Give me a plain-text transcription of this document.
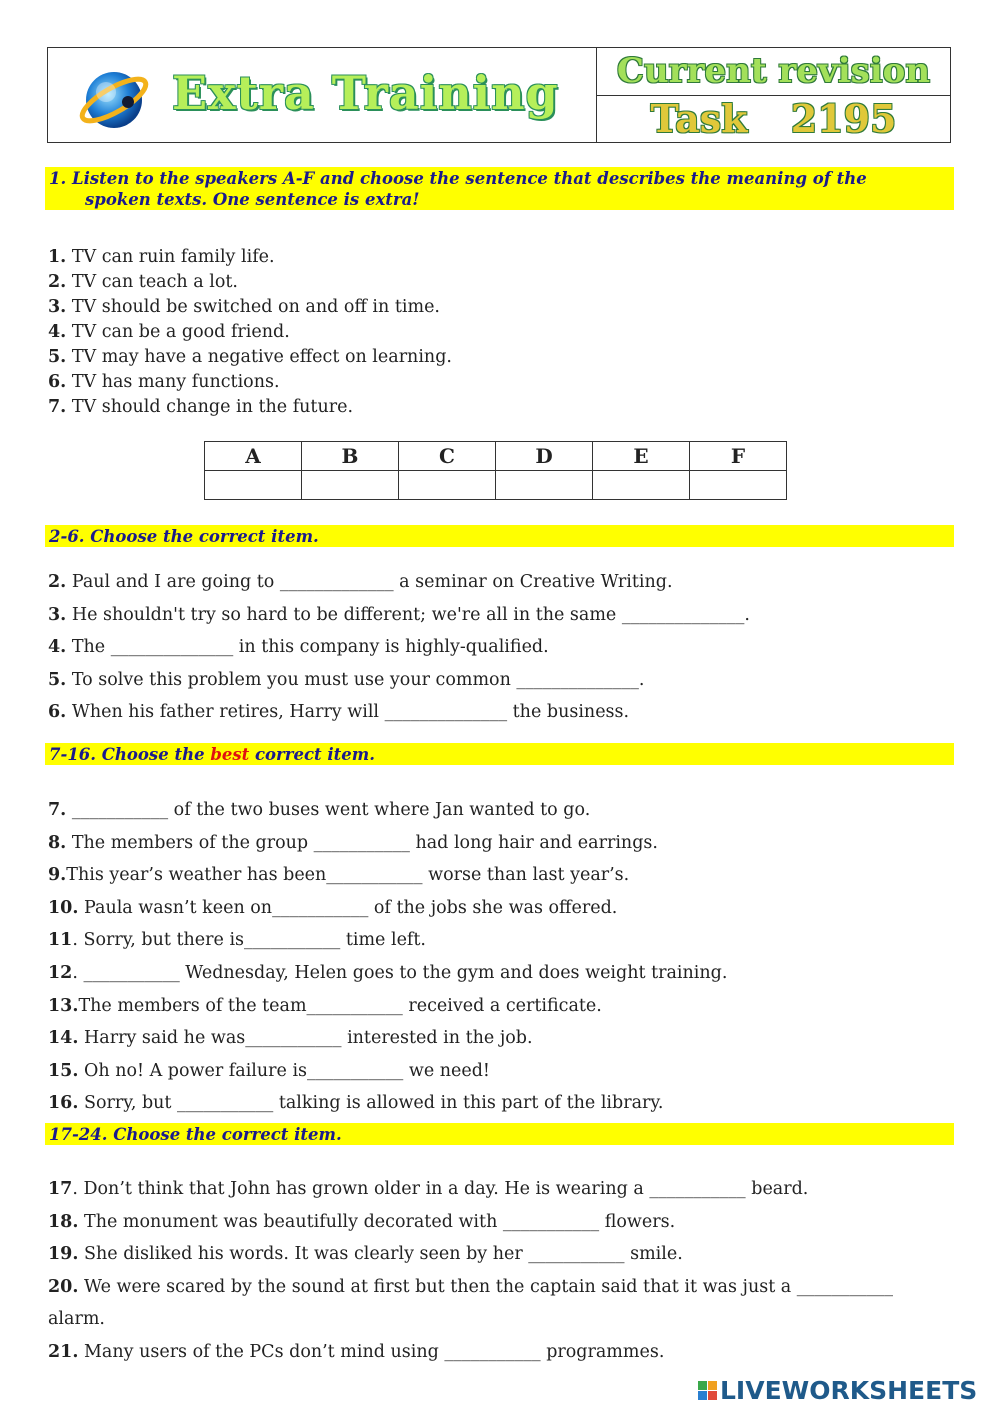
Extra Training Current revision
Task 2195
1. Listen to the speakers A-F and choose the sentence that describes the meaning of the
spoken texts. One sentence is extra!
1. TV can ruin family life.
2. TV can teach a lot.
3. TV should be switched on and off in time.
4. TV can be a good friend.
5. TV may have a negative effect on learning.
6. TV has many functions.
7. TV should change in the future.
A	B	C	D	E	F

2-6. Choose the correct item.
2. Paul and I are going to _____________ a seminar on Creative Writing.
3. He shouldn't try so hard to be different; we're all in the same ______________.
4. The ______________ in this company is highly-qualified.
5. To solve this problem you must use your common ______________.
6. When his father retires, Harry will ______________ the business.
7-16. Choose the best correct item.
7. ___________ of the two buses went where Jan wanted to go.
8. The members of the group ___________ had long hair and earrings.
9.This year’s weather has been___________ worse than last year’s.
10. Paula wasn’t keen on___________ of the jobs she was offered.
11. Sorry, but there is___________ time left.
12. ___________ Wednesday, Helen goes to the gym and does weight training.
13.The members of the team___________ received a certificate.
14. Harry said he was___________ interested in the job.
15. Oh no! A power failure is___________ we need!
16. Sorry, but ___________ talking is allowed in this part of the library.
17-24. Choose the correct item.
17. Don’t think that John has grown older in a day. He is wearing a ___________ beard.
18. The monument was beautifully decorated with ___________ flowers.
19. She disliked his words. It was clearly seen by her ___________ smile.
20. We were scared by the sound at first but then the captain said that it was just a ___________
alarm.
21. Many users of the PCs don’t mind using ___________ programmes.
LIVEWORKSHEETS
